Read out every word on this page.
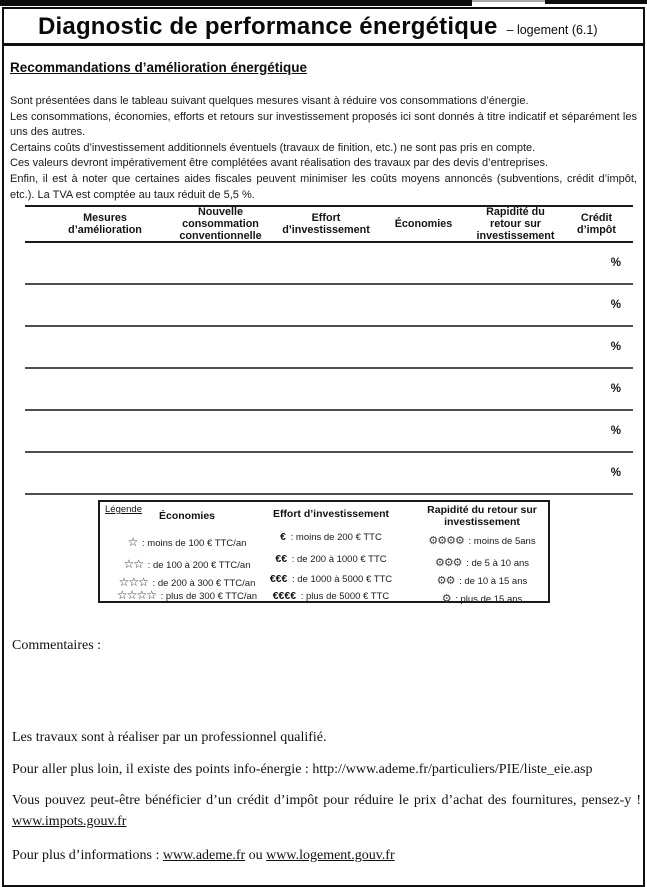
Diagnostic de performance énergétique – logement (6.1)
Recommandations d’amélioration énergétique

Sont présentées dans le tableau suivant quelques mesures visant à réduire vos consommations d’énergie.

Les consommations, économies, efforts et retours sur investissement proposés ici sont donnés à titre indicatif et séparément les uns des autres.

Certains coûts d’investissement additionnels éventuels (travaux de finition, etc.) ne sont pas pris en compte.

Ces valeurs devront impérativement être complétées avant réalisation des travaux par des devis d’entreprises.

Enfin, il est à noter que certaines aides fiscales peuvent minimiser les coûts moyens annoncés (subventions, crédit d’impôt, etc.). La TVA est comptée au taux réduit de 5,5 %.

Mesures d’amélioration
Nouvelle consommation conventionnelle
Effort d’investissement	Économies
Rapidité du retour sur investissement
Crédit d’impôt
%
%
%
%
%
%
Légende
Économies
☆ : moins de 100 € TTC/an
☆☆ : de 100 à 200 € TTC/an
☆☆☆ : de 200 à 300 € TTC/an
☆☆☆☆ : plus de 300 € TTC/an
Effort d’investissement
€ : moins de 200 € TTC
€€ : de 200 à 1000 € TTC
€€€ : de 1000 à 5000 € TTC
€€€€ : plus de 5000 € TTC
Rapidité du retour sur investissement
⚙⚙⚙⚙ : moins de 5ans
⚙⚙⚙ : de 5 à 10 ans
⚙⚙ : de 10 à 15 ans
⚙ : plus de 15 ans
Commentaires :
Les travaux sont à réaliser par un professionnel qualifié.
Pour aller plus loin, il existe des points info-énergie : http://www.ademe.fr/particuliers/PIE/liste_eie.asp
Vous pouvez peut-être bénéficier d’un crédit d’impôt pour réduire le prix d’achat des fournitures, pensez-y !
www.impots.gouv.fr
Pour plus d’informations : www.ademe.fr ou www.logement.gouv.fr
